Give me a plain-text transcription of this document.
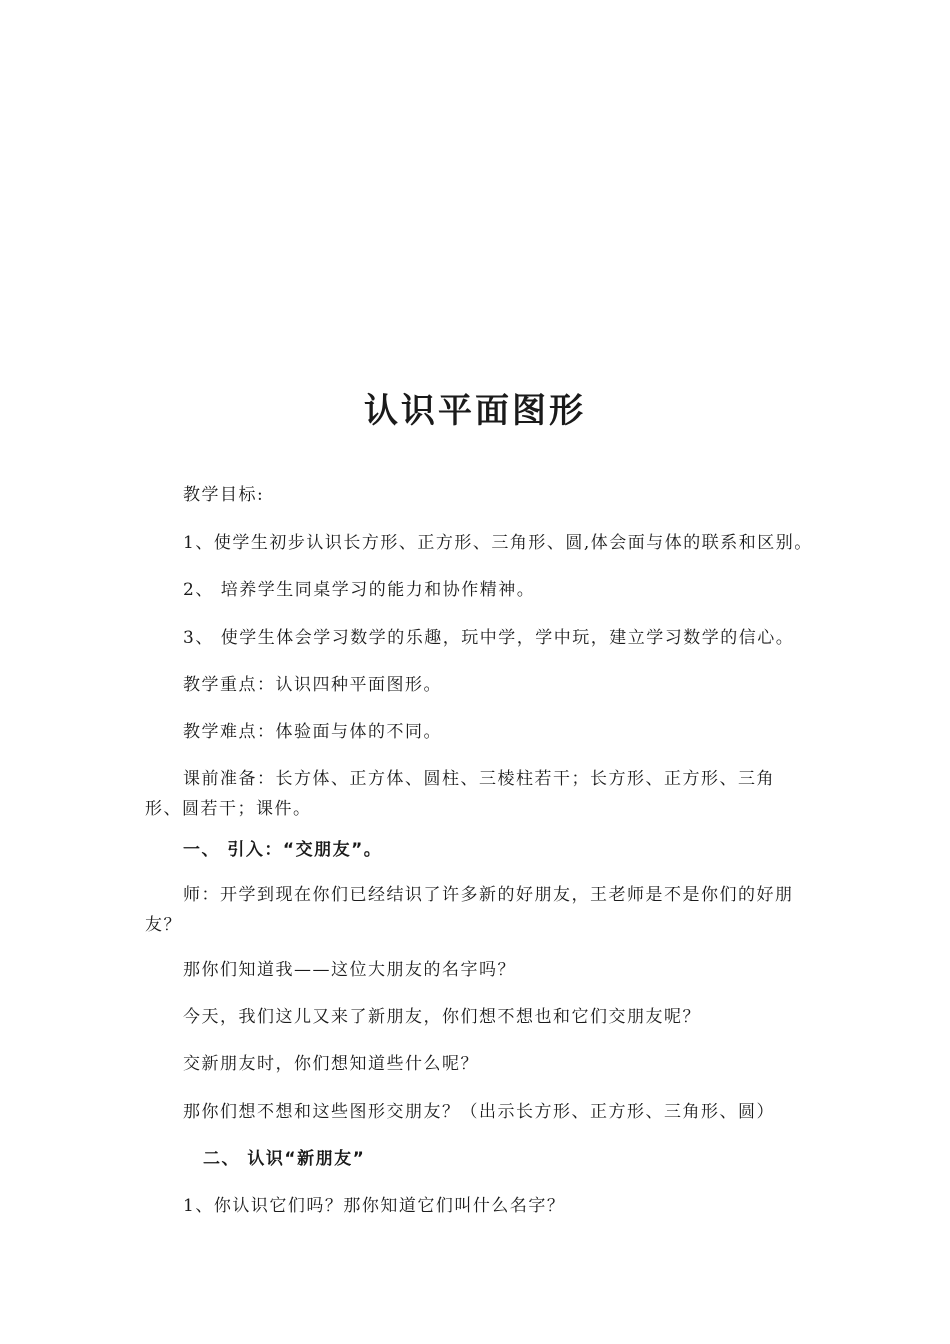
认识平面图形
教学目标:
1、使学生初步认识长方形、正方形、三角形、圆,体会面与体的联系和区别。
2、 培养学生同桌学习的能力和协作精神。
3、 使学生体会学习数学的乐趣，玩中学，学中玩，建立学习数学的信心。
教学重点：认识四种平面图形。
教学难点：体验面与体的不同。
课前准备：长方体、正方体、圆柱、三棱柱若干；长方形、正方形、三角形、圆若干；课件。
一、 引入：“交朋友”。
师：开学到现在你们已经结识了许多新的好朋友，王老师是不是你们的好朋友？
那你们知道我——这位大朋友的名字吗？
今天，我们这儿又来了新朋友，你们想不想也和它们交朋友呢？
交新朋友时，你们想知道些什么呢？
那你们想不想和这些图形交朋友？（出示长方形、正方形、三角形、圆）
二、 认识“新朋友”
1、你认识它们吗？那你知道它们叫什么名字？
